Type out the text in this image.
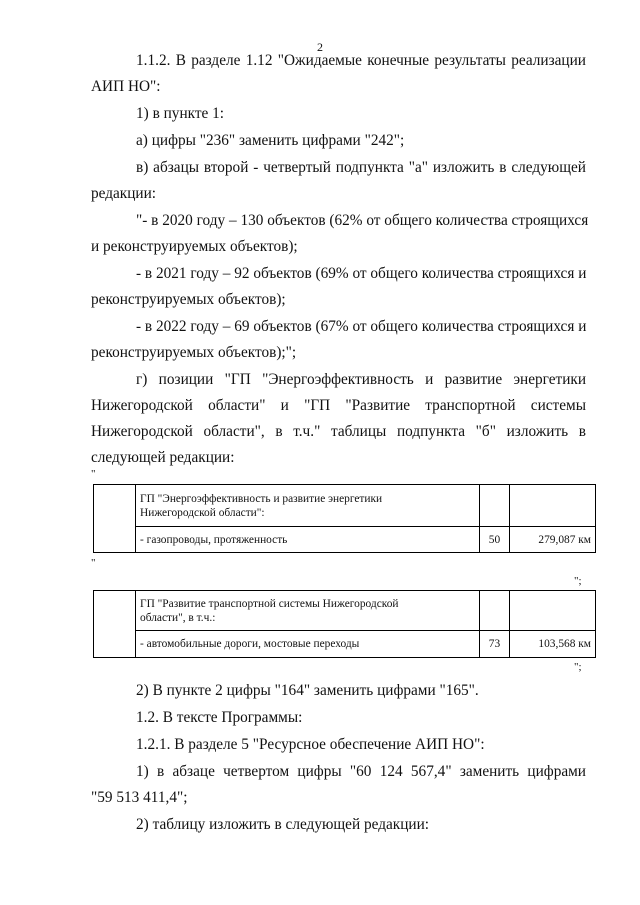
2
1.1.2. В разделе 1.12 "Ожидаемые конечные результаты реализации
АИП НО":
1) в пункте 1:
а) цифры "236" заменить цифрами "242";
в) абзацы второй - четвертый подпункта "а" изложить в следующей
редакции:
"- в 2020 году – 130 объектов (62% от общего количества строящихся
и реконструируемых объектов);
- в 2021 году – 92 объектов (69% от общего количества строящихся и
реконструируемых объектов);
- в 2022 году – 69 объектов (67% от общего количества строящихся и
реконструируемых объектов);";
г) позиции "ГП "Энергоэффективность и развитие энергетики
Нижегородской области" и "ГП "Развитие транспортной системы
Нижегородской области", в т.ч." таблицы подпункта "б" изложить в
следующей редакции:
"

	ГП "Энергоэффективность и развитие энергетики
Нижегородской области":		

	- газопроводы, протяженность	50	279,087 км
"
";

	ГП "Развитие транспортной системы Нижегородской
области", в т.ч.:		

	- автомобильные дороги, мостовые переходы	73	103,568 км
";
2) В пункте 2 цифры "164" заменить цифрами "165".
1.2. В тексте Программы:
1.2.1. В разделе 5 "Ресурсное обеспечение АИП НО":
1) в абзаце четвертом цифры "60 124 567,4" заменить цифрами
"59 513 411,4";
2) таблицу изложить в следующей редакции:
